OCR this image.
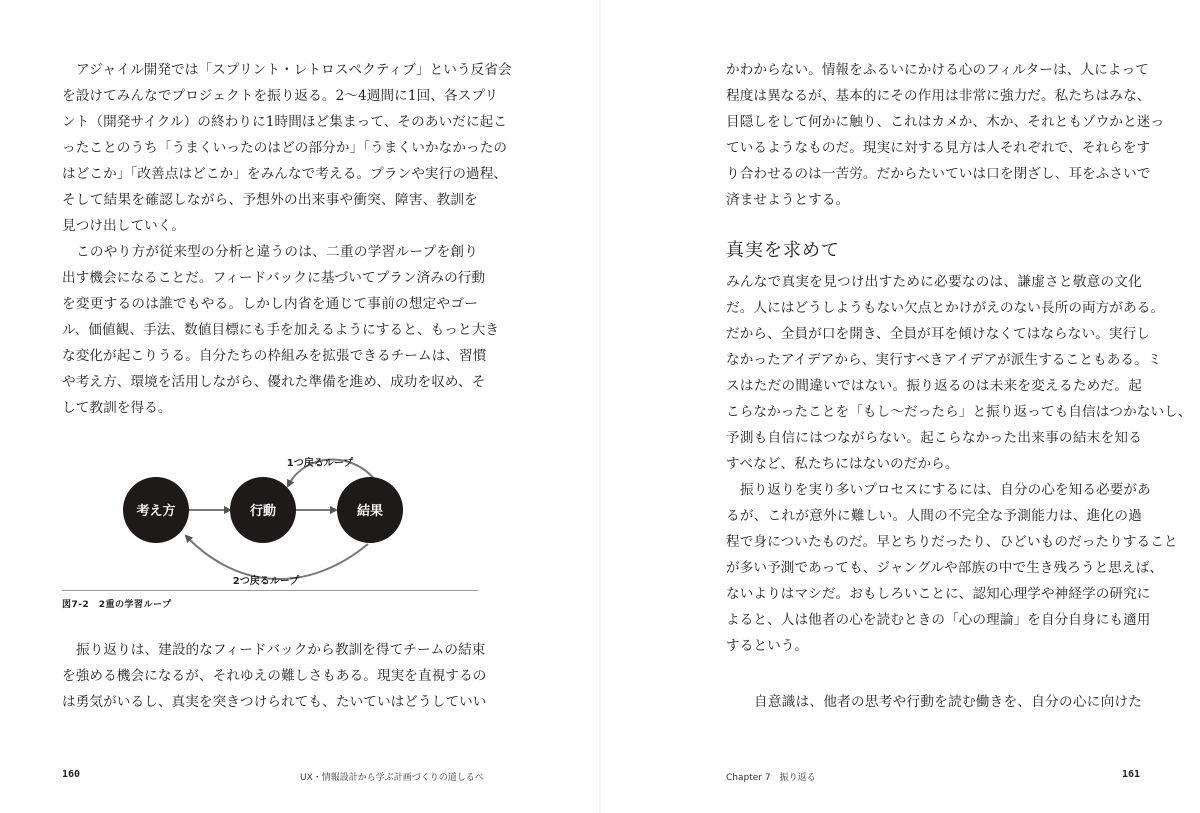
アジャイル開発では「スプリント・レトロスペクティブ」という反省会
を設けてみんなでプロジェクトを振り返る。2〜4週間に1回、各スプリ
ント（開発サイクル）の終わりに1時間ほど集まって、そのあいだに起こ
ったことのうち「うまくいったのはどの部分か」「うまくいかなかったの
はどこか」「改善点はどこか」をみんなで考える。プランや実行の過程、
そして結果を確認しながら、予想外の出来事や衝突、障害、教訓を
見つけ出していく。
このやり方が従来型の分析と違うのは、二重の学習ループを創り
出す機会になることだ。フィードバックに基づいてプラン済みの行動
を変更するのは誰でもやる。しかし内省を通じて事前の想定やゴー
ル、価値観、手法、数値目標にも手を加えるようにすると、もっと大き
な変化が起こりうる。自分たちの枠組みを拡張できるチームは、習慣
や考え方、環境を活用しながら、優れた準備を進め、成功を収め、そ
して教訓を得る。
考え方	行動	結果
1つ戻るループ
2つ戻るループ
図7-2　2重の学習ループ
振り返りは、建設的なフィードバックから教訓を得てチームの結束
を強める機会になるが、それゆえの難しさもある。現実を直視するの
は勇気がいるし、真実を突きつけられても、たいていはどうしていい
160	UX・情報設計から学ぶ計画づくりの道しるべ
かわからない。情報をふるいにかける心のフィルターは、人によって
程度は異なるが、基本的にその作用は非常に強力だ。私たちはみな、
目隠しをして何かに触り、これはカメか、木か、それともゾウかと迷っ
ているようなものだ。現実に対する見方は人それぞれで、それらをす
り合わせるのは一苦労。だからたいていは口を閉ざし、耳をふさいで
済ませようとする。
真実を求めて
みんなで真実を見つけ出すために必要なのは、謙虚さと敬意の文化
だ。人にはどうしようもない欠点とかけがえのない長所の両方がある。
だから、全員が口を開き、全員が耳を傾けなくてはならない。実行し
なかったアイデアから、実行すべきアイデアが派生することもある。ミ
スはただの間違いではない。振り返るのは未来を変えるためだ。起
こらなかったことを「もし〜だったら」と振り返っても自信はつかないし、
予測も自信にはつながらない。起こらなかった出来事の結末を知る
すべなど、私たちにはないのだから。
振り返りを実り多いプロセスにするには、自分の心を知る必要があ
るが、これが意外に難しい。人間の不完全な予測能力は、進化の過
程で身についたものだ。早とちりだったり、ひどいものだったりすること
が多い予測であっても、ジャングルや部族の中で生き残ろうと思えば、
ないよりはマシだ。おもしろいことに、認知心理学や神経学の研究に
よると、人は他者の心を読むときの「心の理論」を自分自身にも適用
するという。
自意識は、他者の思考や行動を読む働きを、自分の心に向けた
Chapter 7　振り返る	161
